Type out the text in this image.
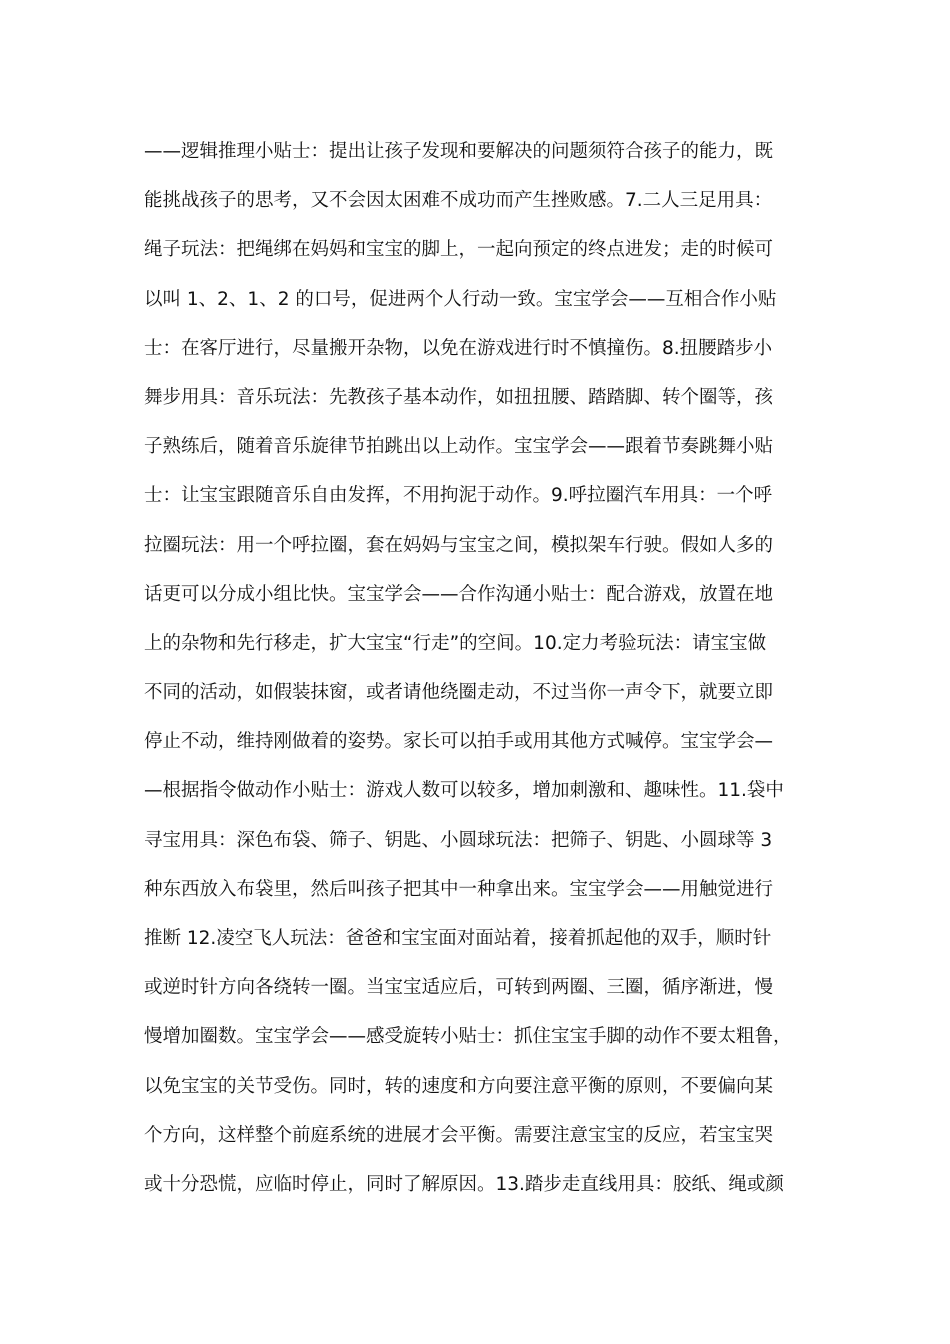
——逻辑推理小贴士：提出让孩子发现和要解决的问题须符合孩子的能力，既
能挑战孩子的思考，又不会因太困难不成功而产生挫败感。7.二人三足用具：
绳子玩法：把绳绑在妈妈和宝宝的脚上，一起向预定的终点进发；走的时候可
以叫 1、2、1、2 的口号，促进两个人行动一致。宝宝学会——互相合作小贴
士：在客厅进行，尽量搬开杂物，以免在游戏进行时不慎撞伤。8.扭腰踏步小
舞步用具：音乐玩法：先教孩子基本动作，如扭扭腰、踏踏脚、转个圈等，孩
子熟练后，随着音乐旋律节拍跳出以上动作。宝宝学会——跟着节奏跳舞小贴
士：让宝宝跟随音乐自由发挥，不用拘泥于动作。9.呼拉圈汽车用具：一个呼
拉圈玩法：用一个呼拉圈，套在妈妈与宝宝之间，模拟架车行驶。假如人多的
话更可以分成小组比快。宝宝学会——合作沟通小贴士：配合游戏，放置在地
上的杂物和先行移走，扩大宝宝“行走”的空间。10.定力考验玩法：请宝宝做
不同的活动，如假装抹窗，或者请他绕圈走动，不过当你一声令下，就要立即
停止不动，维持刚做着的姿势。家长可以拍手或用其他方式喊停。宝宝学会—
—根据指令做动作小贴士：游戏人数可以较多，增加刺激和、趣味性。11.袋中
寻宝用具：深色布袋、筛子、钥匙、小圆球玩法：把筛子、钥匙、小圆球等 3
种东西放入布袋里，然后叫孩子把其中一种拿出来。宝宝学会——用触觉进行
推断 12.凌空飞人玩法：爸爸和宝宝面对面站着，接着抓起他的双手，顺时针
或逆时针方向各绕转一圈。当宝宝适应后，可转到两圈、三圈，循序渐进，慢
慢增加圈数。宝宝学会——感受旋转小贴士：抓住宝宝手脚的动作不要太粗鲁，
以免宝宝的关节受伤。同时，转的速度和方向要注意平衡的原则，不要偏向某
个方向，这样整个前庭系统的进展才会平衡。需要注意宝宝的反应，若宝宝哭
或十分恐慌，应临时停止，同时了解原因。13.踏步走直线用具：胶纸、绳或颜
